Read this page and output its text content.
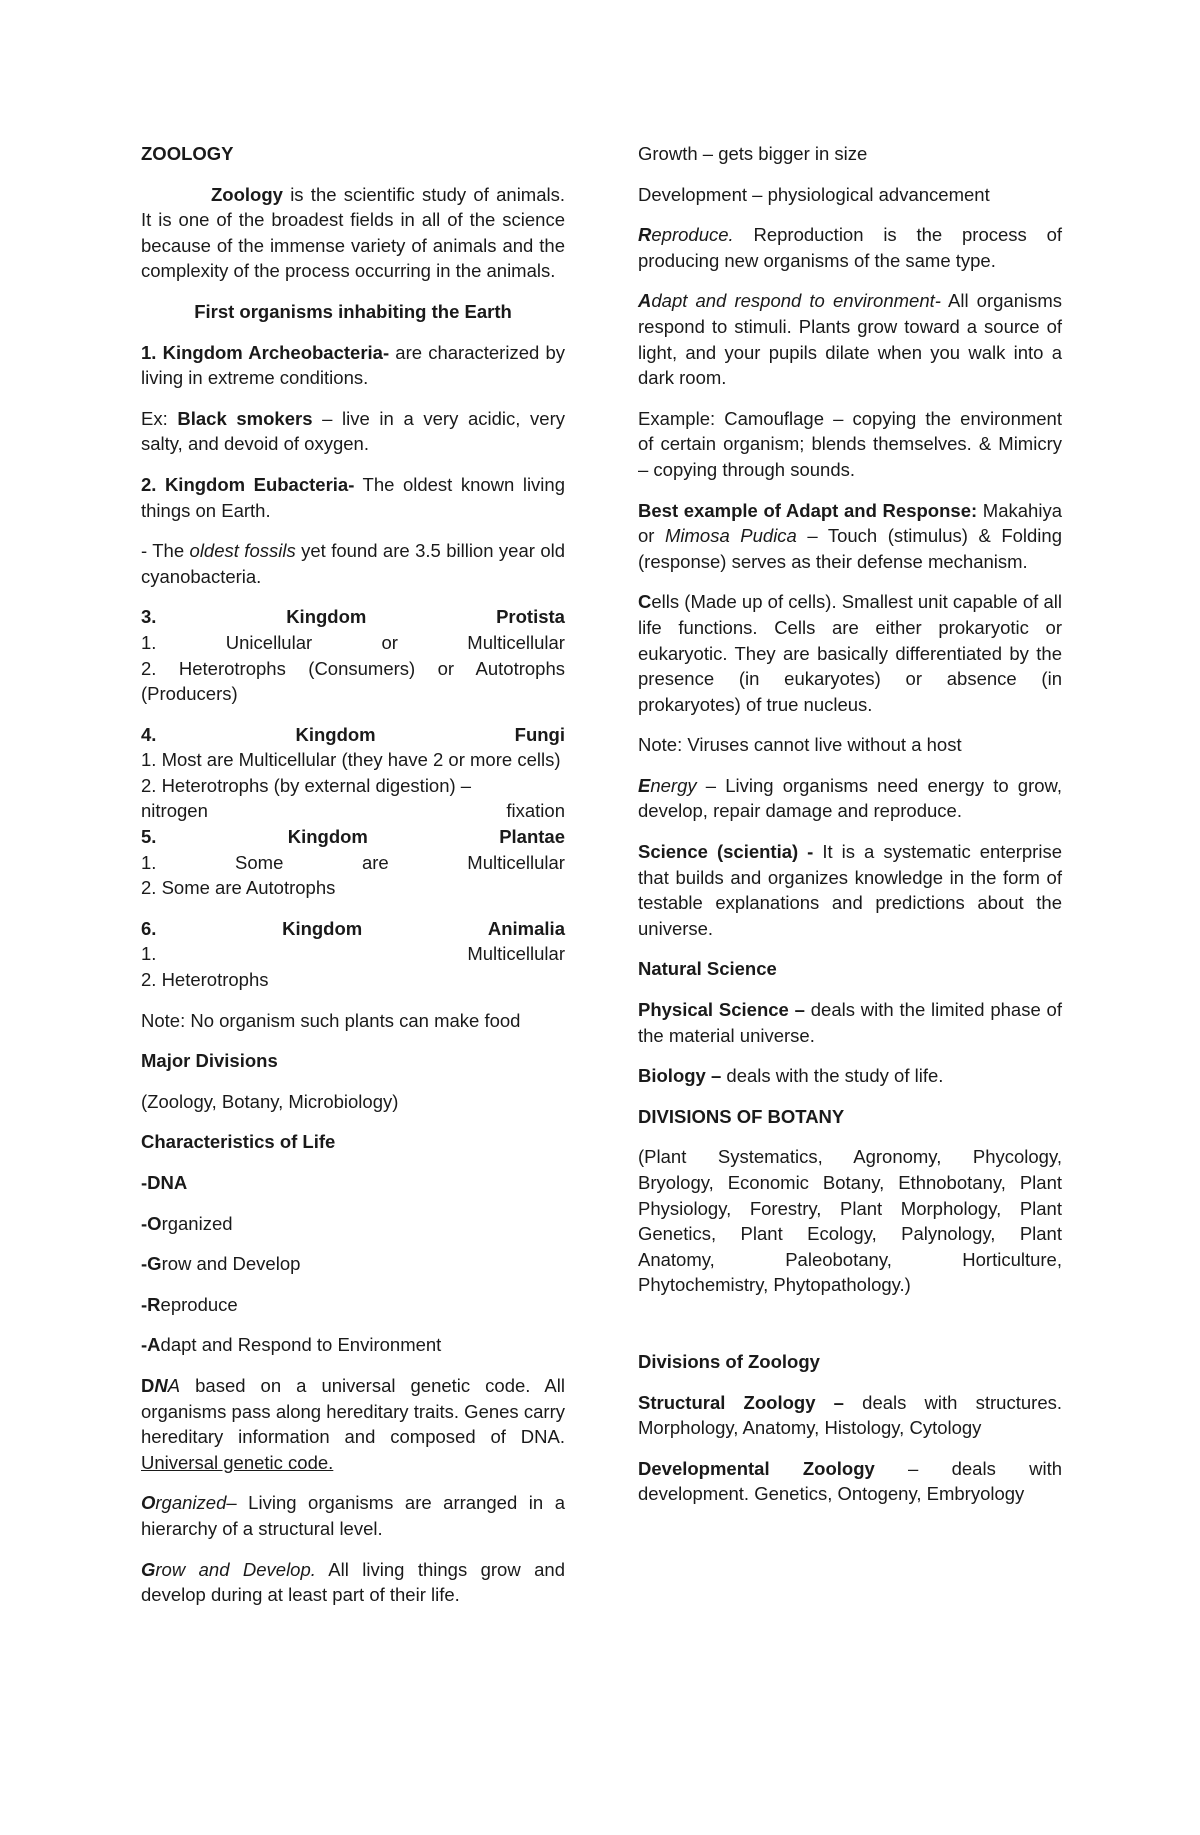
ZOOLOGY

Zoology is the scientific study of animals. It is one of the broadest fields in all of the science because of the immense variety of animals and the complexity of the process occurring in the animals.

First organisms inhabiting the Earth

1. Kingdom Archeobacteria- are characterized by living in extreme conditions.

Ex: Black smokers – live in a very acidic, very salty, and devoid of oxygen.

2. Kingdom Eubacteria- The oldest known living things on Earth.

- The oldest fossils yet found are 3.5 billion year old cyanobacteria.

3.	Kingdom	Protista
1.	Unicellular	or	Multicellular
2. Heterotrophs (Consumers) or Autotrophs (Producers)
4.	Kingdom	Fungi
1. Most are Multicellular (they have 2 or more cells)
2. Heterotrophs (by external digestion) –
nitrogen	fixation
5.	Kingdom	Plantae
1.	Some	are	Multicellular
2. Some are Autotrophs
6.	Kingdom	Animalia
1.	Multicellular
2. Heterotrophs

Note: No organism such plants can make food

Major Divisions

(Zoology, Botany, Microbiology)

Characteristics of Life

-DNA

-Organized

-Grow and Develop

-Reproduce

-Adapt and Respond to Environment

DNA based on a universal genetic code. All organisms pass along hereditary traits. Genes carry hereditary information and composed of DNA. Universal genetic code.

Organized– Living organisms are arranged in a hierarchy of a structural level.

Grow and Develop. All living things grow and develop during at least part of their life.

Growth – gets bigger in size

Development – physiological advancement

Reproduce. Reproduction is the process of producing new organisms of the same type.

Adapt and respond to environment- All organisms respond to stimuli. Plants grow toward a source of light, and your pupils dilate when you walk into a dark room.

Example: Camouflage – copying the environment of certain organism; blends themselves. & Mimicry – copying through sounds.

Best example of Adapt and Response: Makahiya or Mimosa Pudica – Touch (stimulus) & Folding (response) serves as their defense mechanism.

Cells (Made up of cells). Smallest unit capable of all life functions. Cells are either prokaryotic or eukaryotic. They are basically differentiated by the presence (in eukaryotes) or absence (in prokaryotes) of true nucleus.

Note: Viruses cannot live without a host

Energy – Living organisms need energy to grow, develop, repair damage and reproduce.

Science (scientia) - It is a systematic enterprise that builds and organizes knowledge in the form of testable explanations and predictions about the universe.

Natural Science

Physical Science – deals with the limited phase of the material universe.

Biology – deals with the study of life.

DIVISIONS OF BOTANY

(Plant Systematics, Agronomy, Phycology, Bryology, Economic Botany, Ethnobotany, Plant Physiology, Forestry, Plant Morphology, Plant Genetics, Plant Ecology, Palynology, Plant Anatomy, Paleobotany, Horticulture, Phytochemistry, Phytopathology.)

Divisions of Zoology

Structural Zoology – deals with structures. Morphology, Anatomy, Histology, Cytology

Developmental Zoology – deals with development. Genetics, Ontogeny, Embryology
